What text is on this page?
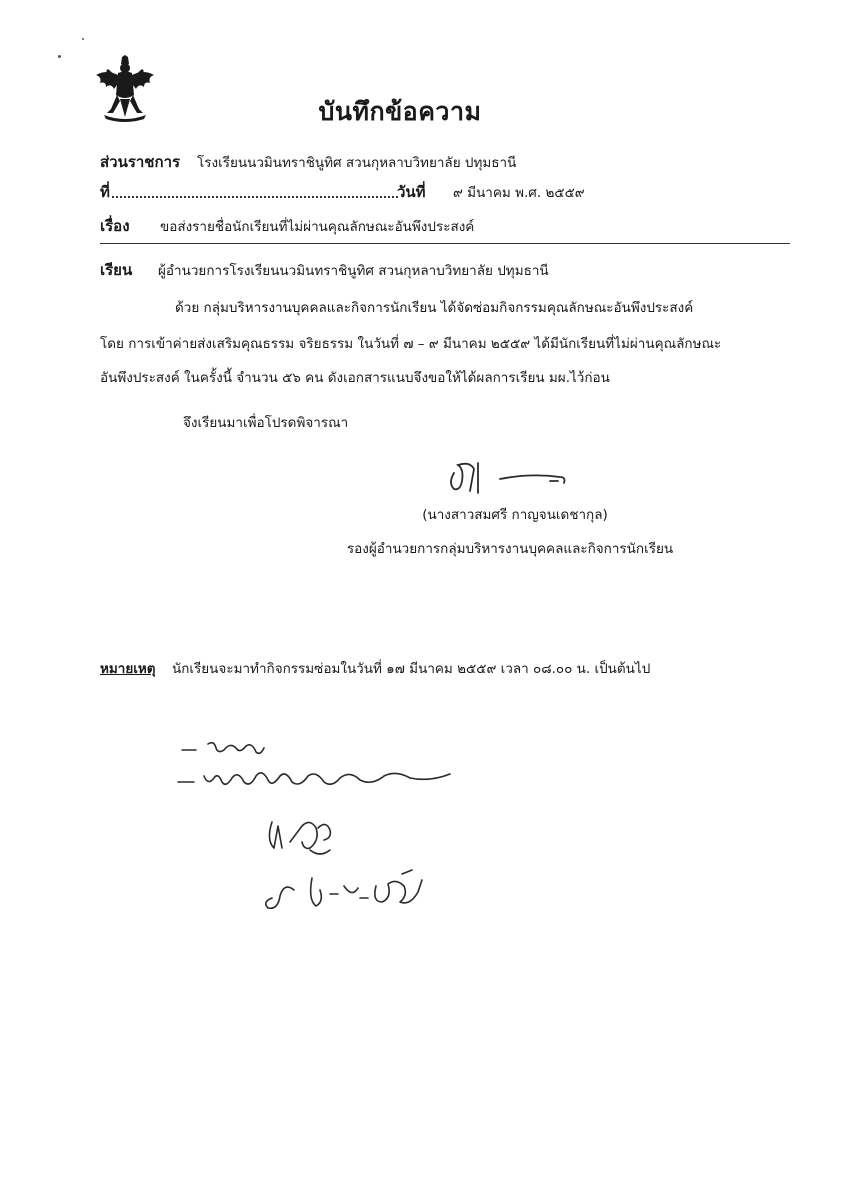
บันทึกข้อความ
ส่วนราชการ โรงเรียนนวมินทราชินูทิศ สวนกุหลาบวิทยาลัย ปทุมธานี
ที่	วันที่ ๙ มีนาคม พ.ศ. ๒๕๕๙
เรื่อง ขอส่งรายชื่อนักเรียนที่ไม่ผ่านคุณลักษณะอันพึงประสงค์
เรียน ผู้อำนวยการโรงเรียนนวมินทราชินูทิศ สวนกุหลาบวิทยาลัย ปทุมธานี
ด้วย กลุ่มบริหารงานบุคคลและกิจการนักเรียน ได้จัดซ่อมกิจกรรมคุณลักษณะอันพึงประสงค์
โดย การเข้าค่ายส่งเสริมคุณธรรม จริยธรรม ในวันที่ ๗ – ๙ มีนาคม ๒๕๕๙ ได้มีนักเรียนที่ไม่ผ่านคุณลักษณะ
อันพึงประสงค์ ในครั้งนี้ จำนวน ๕๖ คน ดังเอกสารแนบจึงขอให้ได้ผลการเรียน มผ.ไว้ก่อน
จึงเรียนมาเพื่อโปรดพิจารณา
(นางสาวสมศรี กาญจนเดชากุล)
รองผู้อำนวยการกลุ่มบริหารงานบุคคลและกิจการนักเรียน
หมายเหตุ นักเรียนจะมาทำกิจกรรมซ่อมในวันที่ ๑๗ มีนาคม ๒๕๕๙ เวลา ๐๘.๐๐ น. เป็นต้นไป
